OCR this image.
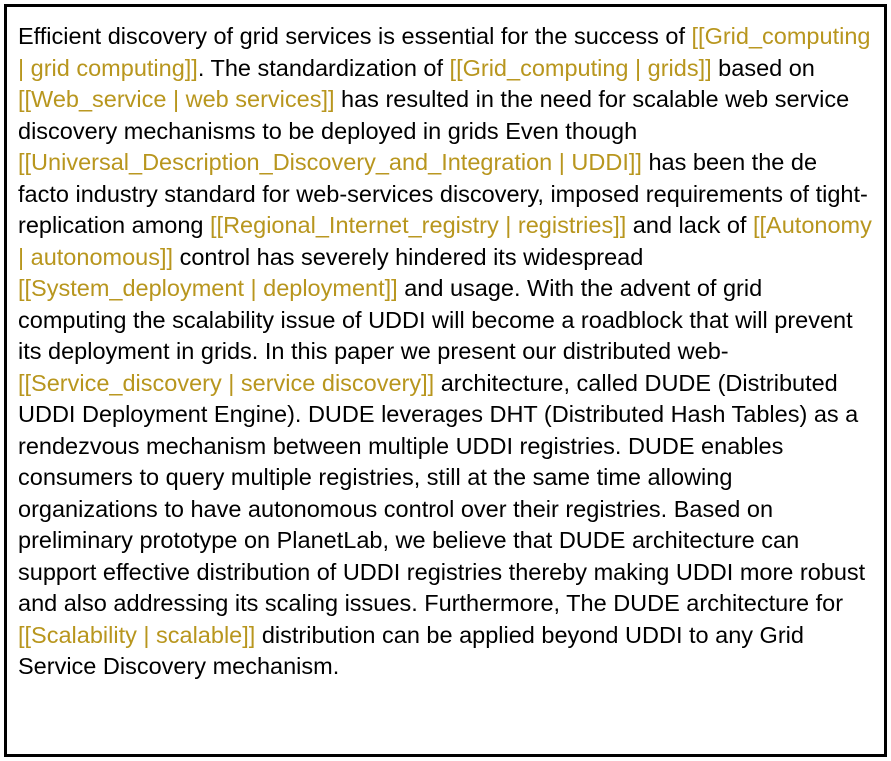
Efficient discovery of grid services is essential for the success of [[Grid_computing | grid computing]]. The standardization of [[Grid_computing | grids]] based on [[Web_service | web services]] has resulted in the need for scalable web service discovery mechanisms to be deployed in grids Even though [[Universal_Description_Discovery_and_Integration | UDDI]] has been the de facto industry standard for web-services discovery, imposed requirements of tight-replication among [[Regional_Internet_registry | registries]] and lack of [[Autonomy | autonomous]] control has severely hindered its widespread [[System_deployment | deployment]] and usage. With the advent of grid computing the scalability issue of UDDI will become a roadblock that will prevent its deployment in grids. In this paper we present our distributed web-[[Service_discovery | service discovery]] architecture, called DUDE (Distributed UDDI Deployment Engine). DUDE leverages DHT (Distributed Hash Tables) as a rendezvous mechanism between multiple UDDI registries. DUDE enables consumers to query multiple registries, still at the same time allowing organizations to have autonomous control over their registries. Based on preliminary prototype on PlanetLab, we believe that DUDE architecture can support effective distribution of UDDI registries thereby making UDDI more robust and also addressing its scaling issues. Furthermore, The DUDE architecture for [[Scalability | scalable]] distribution can be applied beyond UDDI to any Grid Service Discovery mechanism.
